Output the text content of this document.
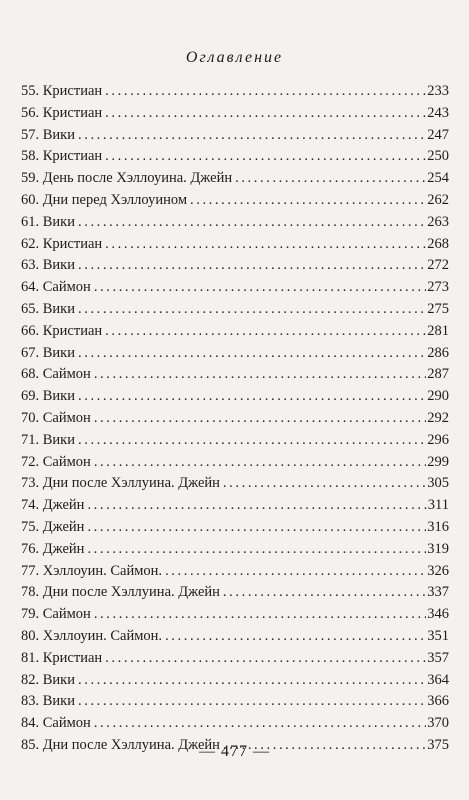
Оглавление
55. Кристиан .....	233
56. Кристиан .....	243
57. Вики .....	247
58. Кристиан .....	250
59. День после Хэллоуина. Джейн .....	254
60. Дни перед Хэллоуином .....	262
61. Вики .....	263
62. Кристиан .....	268
63. Вики .....	272
64. Саймон .....	273
65. Вики .....	275
66. Кристиан .....	281
67. Вики .....	286
68. Саймон .....	287
69. Вики .....	290
70. Саймон .....	292
71. Вики .....	296
72. Саймон .....	299
73. Дни после Хэллуина. Джейн .....	305
74. Джейн .....	311
75. Джейн .....	316
76. Джейн .....	319
77. Хэллоуин. Саймон. .....	326
78. Дни после Хэллуина. Джейн .....	337
79. Саймон .....	346
80. Хэллоуин. Саймон. .....	351
81. Кристиан .....	357
82. Вики .....	364
83. Вики .....	366
84. Саймон .....	370
85. Дни после Хэллуина. Джейн .....	375
— 477 —
